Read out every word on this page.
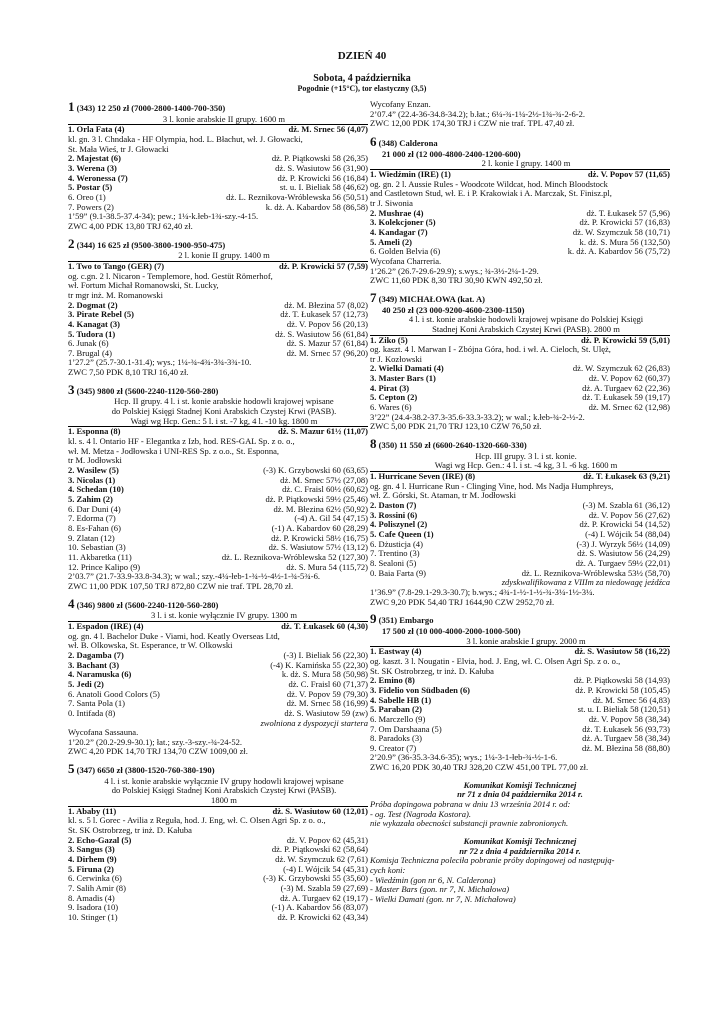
DZIEŃ 40
Sobota, 4 października
Pogodnie (+15°C), tor elastyczny (3,5)
1 (343) 12 250 zł (7000-2800-1400-700-350)
3 l. konie arabskie II grupy. 1600 m
1. Orla Fata (4)	dż. M. Srnec 56 (4,07)
kl. gn. 3 l. Chndaka - HF Olympia, hod. L. Błachut, wł. J. Głowacki,
St. Mała Wieś, tr J. Głowacki
2. Majestat (6)	dż. P. Piątkowski 58 (26,35)
3. Werena (3)	dż. S. Wasiutow 56 (31,90)
4. Weronessa (7)	dż. P. Krowicki 56 (16,84)
5. Postar (5)	st. u. I. Bieliak 58 (46,62)
6. Oreo (1)	dż. L. Reznikova-Wróblewska 56 (50,51)
7. Powers (2)	k. dż. A. Kabardov 58 (86,58)
1’59” (9.1-38.5-37.4-34); pew.; 1¼-k.łeb-1¾-szy.-4-15.
ZWC 4,00 PDK 13,80 TRJ 62,40 zł.
2 (344) 16 625 zł (9500-3800-1900-950-475)
2 l. konie II grupy. 1400 m
1. Two to Tango (GER) (7)	dż. P. Krowicki 57 (7,59)
og. c.gn. 2 l. Nicaron - Templemore, hod. Gestüt Römerhof,
wł. Fortum Michał Romanowski, St. Lucky,
tr mgr inż. M. Romanowski
2. Dogmat (2)	dż. M. Błezina 57 (8,02)
3. Pirate Rebel (5)	dż. T. Łukasek 57 (12,73)
4. Kanagat (3)	dż. V. Popov 56 (20,13)
5. Tudora (1)	dż. S. Wasiutow 56 (61,84)
6. Junak (6)	dż. S. Mazur 57 (61,84)
7. Brugal (4)	dż. M. Srnec 57 (96,20)
1’27.2” (25.7-30.1-31.4); wys.; 1¼-¾-4¾-3¾-3¾-10.
ZWC 7,50 PDK 8,10 TRJ 16,40 zł.
3 (345) 9800 zł (5600-2240-1120-560-280)
Hcp. II grupy. 4 l. i st. konie arabskie hodowli krajowej wpisane
do Polskiej Księgi Stadnej Koni Arabskich Czystej Krwi (PASB).
Wagi wg Hcp. Gen.: 5 l. i st. -7 kg, 4 l. -10 kg. 1800 m
1. Esponna (8)	dż. S. Mazur 61½ (11,07)
kl. s. 4 l. Ontario HF - Elegantka z Izb, hod. RES-GAL Sp. z o. o.,
wł. M. Metza - Jodłowska i UNI-RES Sp. z o.o., St. Esponna,
tr M. Jodłowski
2. Wasilew (5)	(-3) K. Grzybowski 60 (63,65)
3. Nicolas (1)	dż. M. Srnec 57½ (27,08)
4. Schedan (10)	dż. C. Fraisl 60½ (60,62)
5. Zahim (2)	dż. P. Piątkowski 59½ (25,46)
6. Dar Duni (4)	dż. M. Błezina 62½ (50,92)
7. Edorma (7)	(-4) A. Gil 54 (47,15)
8. Es-Fahan (6)	(-1) A. Kabardov 60 (28,29)
9. Zlatan (12)	dż. P. Krowicki 58½ (16,75)
10. Sebastian (3)	dż. S. Wasiutow 57½ (13,12)
11. Akbaretka (11)	dż. L. Reznikova-Wróblewska 52 (127,30)
12. Prince Kalipo (9)	dż. S. Mura 54 (115,72)
2’03.7” (21.7-33.9-33.8-34.3); w wal.; szy.-4¼-łeb-1-¾-½-4½-1-¾-5¾-6.
ZWC 11,00 PDK 107,50 TRJ 872,80 CZW nie traf. TPL 28,70 zł.
4 (346) 9800 zł (5600-2240-1120-560-280)
3 l. i st. konie wyłącznie IV grupy. 1300 m
1. Espadon (IRE) (4)	dż. T. Łukasek 60 (4,30)
og. gn. 4 l. Bachelor Duke - Viami, hod. Keatly Overseas Ltd,
wł. B. Olkowska, St. Esperance, tr W. Olkowski
2. Dagamba (7)	(-3) I. Bieliak 56 (22,30)
3. Bachant (3)	(-4) K. Kamińska 55 (22,30)
4. Naramuska (6)	k. dż. S. Mura 58 (50,98)
5. Jedi (2)	dż. C. Fraisl 60 (71,37)
6. Anatoli Good Colors (5)	dż. V. Popov 59 (79,30)
7. Santa Pola (1)	dż. M. Srnec 58 (16,99)
0. Intifada (8)	dż. S. Wasiutow 59 (zw)
zwolniona z dyspozycji startera
Wycofana Sassauna.
1’20.2” (20.2-29.9-30.1); łat.; szy.-3-szy.-¾-24-52.
ZWC 4,20 PDK 14,70 TRJ 134,70 CZW 1009,00 zł.
5 (347) 6650 zł (3800-1520-760-380-190)
4 l. i st. konie arabskie wyłącznie IV grupy hodowli krajowej wpisane
do Polskiej Księgi Stadnej Koni Arabskich Czystej Krwi (PASB).
1800 m
1. Ababy (11)	dż. S. Wasiutow 60 (12,01)
kl. s. 5 l. Gorec - Avilia z Reguła, hod. J. Eng, wł. C. Olsen Agri Sp. z o. o.,
St. SK Ostrobrzeg, tr inż. D. Kałuba
2. Echo-Gazal (5)	dż. V. Popov 62 (45,31)
3. Sangus (3)	dż. P. Piątkowski 62 (58,64)
4. Dirhem (9)	dż. W. Szymczuk 62 (7,61)
5. Firuna (2)	(-4) I. Wójcik 54 (45,31)
6. Cerwinka (6)	(-3) K. Grzybowski 55 (35,60)
7. Salih Amir (8)	(-3) M. Szabla 59 (27,69)
8. Amadis (4)	dż. A. Turgaev 62 (19,17)
9. Isadora (10)	(-1) A. Kabardov 56 (83,07)
10. Stinger (1)	dż. P. Krowicki 62 (43,34)
Wycofany Enzan.
2’07.4” (22.4-36-34.8-34.2); b.łat.; 6¼-¾-1¼-2½-1¾-¾-2-6-2.
ZWC 12,00 PDK 174,30 TRJ i CZW nie traf. TPL 47,40 zł.
6 (348) Calderona
21 000 zł (12 000-4800-2400-1200-600)
2 l. konie I grupy. 1400 m
1. Wiedźmin (IRE) (1)	dż. V. Popov 57 (11,65)
og. gn. 2 l. Aussie Rules - Woodcote Wildcat, hod. Minch Bloodstock
and Castletown Stud, wł. E. i P. Krakowiak i A. Marczak, St. Finisz.pl,
tr J. Siwonia
2. Mushrae (4)	dż. T. Łukasek 57 (5,96)
3. Kolekcjoner (5)	dż. P. Krowicki 57 (16,83)
4. Kandagar (7)	dż. W. Szymczuk 58 (10,71)
5. Ameli (2)	k. dż. S. Mura 56 (132,50)
6. Golden Belvia (6)	k. dż. A. Kabardov 56 (75,72)
Wycofana Charreria.
1’26.2” (26.7-29.6-29.9); s.wys.; ¾-3½-2¼-1-29.
ZWC 11,60 PDK 8,30 TRJ 30,90 KWN 492,50 zł.
7 (349) MICHAŁOWA (kat. A)
40 250 zł (23 000-9200-4600-2300-1150)
4 l. i st. konie arabskie hodowli krajowej wpisane do Polskiej Księgi
Stadnej Koni Arabskich Czystej Krwi (PASB). 2800 m
1. Ziko (5)	dż. P. Krowicki 59 (5,01)
og. kaszt. 4 l. Marwan I - Zbójna Góra, hod. i wł. A. Cieloch, St. Ulęż,
tr J. Kozłowski
2. Wielki Damati (4)	dż. W. Szymczuk 62 (26,83)
3. Master Bars (1)	dż. V. Popov 62 (60,37)
4. Pirat (3)	dż. A. Turgaev 62 (22,36)
5. Cepton (2)	dż. T. Łukasek 59 (19,17)
6. Wares (6)	dż. M. Srnec 62 (12,98)
3’22” (24.4-38.2-37.3-35.6-33.3-33.2); w wal.; k.łeb-¾-2-½-2.
ZWC 5,00 PDK 21,70 TRJ 123,10 CZW 76,50 zł.
8 (350) 11 550 zł (6600-2640-1320-660-330)
Hcp. III grupy. 3 l. i st. konie.
Wagi wg Hcp. Gen.: 4 l. i st. -4 kg, 3 l. -6 kg. 1600 m
1. Hurricane Seven (IRE) (8)	dż. T. Łukasek 63 (9,21)
og. gn. 4 l. Hurricane Run - Clinging Vine, hod. Ms Nadja Humphreys,
wł. Z. Górski, St. Ataman, tr M. Jodłowski
2. Daston (7)	(-3) M. Szabla 61 (36,12)
3. Rossini (6)	dż. V. Popov 56 (27,62)
4. Poliszynel (2)	dż. P. Krowicki 54 (14,52)
5. Cafe Queen (1)	(-4) I. Wójcik 54 (88,04)
6. Dżusticja (4)	(-3) J. Wyrzyk 56½ (14,09)
7. Trentino (3)	dż. S. Wasiutow 56 (24,29)
8. Sealoni (5)	dż. A. Turgaev 59½ (22,01)
0. Baia Farta (9)	dż. L. Reznikova-Wróblewska 53½ (58,70)
zdyskwalifikowana z VIIIm za niedowagę jeźdźca
1’36.9” (7.8-29.1-29.3-30.7); b.wys.; 4¾-1-½-1-½-¾-3¼-1½-3¼.
ZWC 9,20 PDK 54,40 TRJ 1644,90 CZW 2952,70 zł.
9 (351) Embargo
17 500 zł (10 000-4000-2000-1000-500)
3 l. konie arabskie I grupy. 2000 m
1. Eastway (4)	dż. S. Wasiutow 58 (16,22)
og. kaszt. 3 l. Nougatin - Elvia, hod. J. Eng, wł. C. Olsen Agri Sp. z o. o.,
St. SK Ostrobrzeg, tr inż. D. Kałuba
2. Emino (8)	dż. P. Piątkowski 58 (14,93)
3. Fidelio von Südbaden (6)	dż. P. Krowicki 58 (105,45)
4. Sabelle HB (1)	dż. M. Srnec 56 (4,83)
5. Paraban (2)	st. u. I. Bieliak 58 (120,51)
6. Marczello (9)	dż. V. Popov 58 (38,34)
7. Om Darshaana (5)	dż. T. Łukasek 56 (93,73)
8. Paradoks (3)	dż. A. Turgaev 58 (38,34)
9. Creator (7)	dż. M. Błezina 58 (88,80)
2’20.9” (36-35.3-34.6-35); wys.; 1¼-3-1-łeb-¾-½-1-6.
ZWC 16,20 PDK 30,40 TRJ 328,20 CZW 451,00 TPL 77,00 zł.
Komunikat Komisji Technicznej
nr 71 z dnia 04 października 2014 r.
Próba dopingowa pobrana w dniu 13 września 2014 r. od:
- og. Test (Nagroda Kostora).
nie wykazała obecności substancji prawnie zabronionych.
Komunikat Komisji Technicznej
nr 72 z dnia 4 października 2014 r.
Komisja Techniczna poleciła pobranie próby dopingowej od następują-
cych koni:
- Wiedźmin (gon nr 6, N. Calderona)
- Master Bars (gon. nr 7, N. Michałowa)
- Wielki Damati (gon. nr 7, N. Michałowa)
